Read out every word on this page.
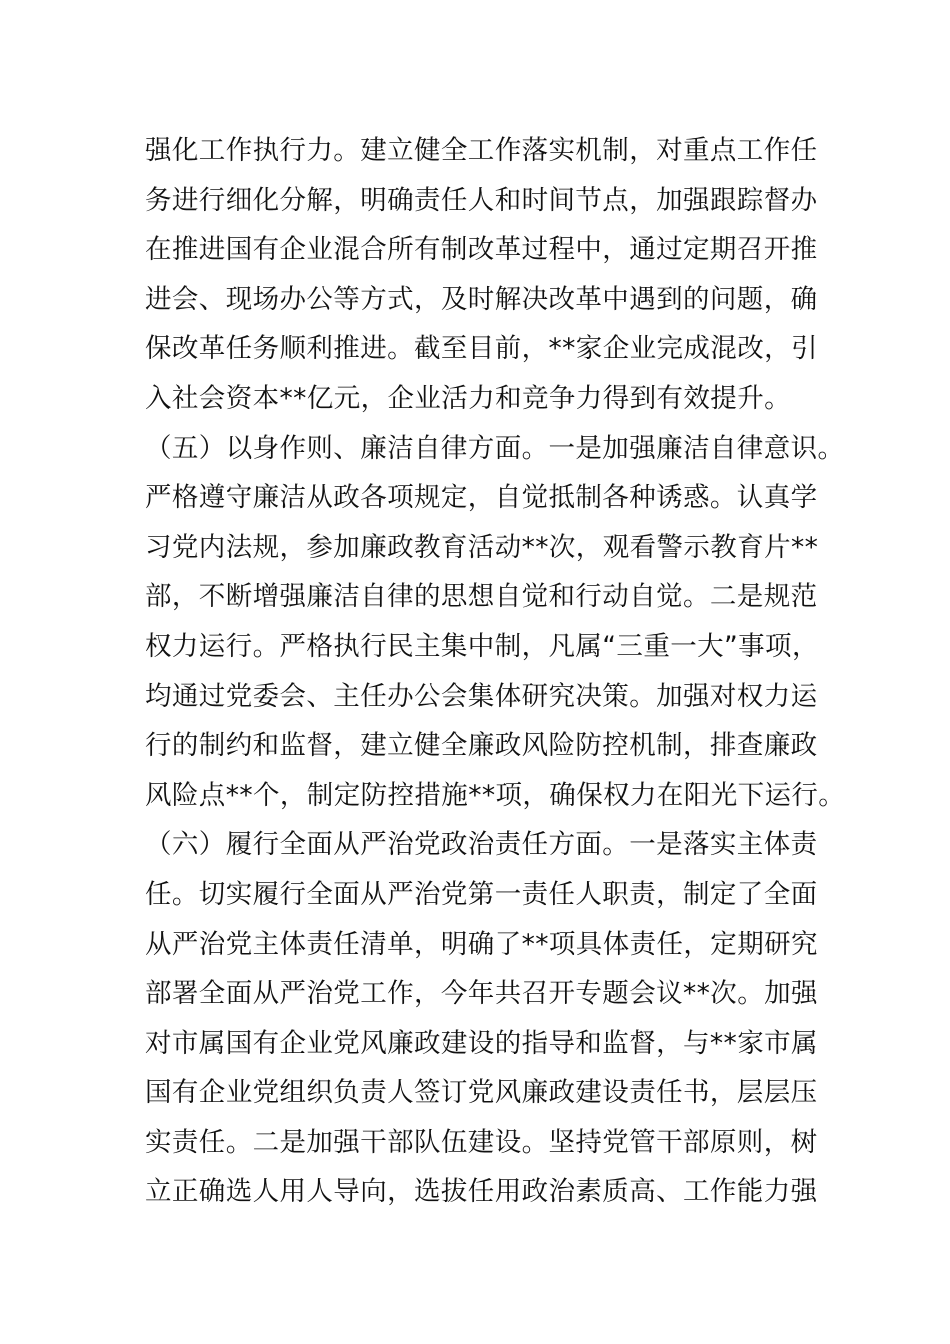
强化工作执行力。建立健全工作落实机制，对重点工作任
务进行细化分解，明确责任人和时间节点，加强跟踪督办
在推进国有企业混合所有制改革过程中，通过定期召开推
进会、现场办公等方式，及时解决改革中遇到的问题，确
保改革任务顺利推进。截至目前，**家企业完成混改，引
入社会资本**亿元，企业活力和竞争力得到有效提升。
（五）以身作则、廉洁自律方面。一是加强廉洁自律意识。
严格遵守廉洁从政各项规定，自觉抵制各种诱惑。认真学
习党内法规，参加廉政教育活动**次，观看警示教育片**
部，不断增强廉洁自律的思想自觉和行动自觉。二是规范
权力运行。严格执行民主集中制，凡属“三重一大”事项，
均通过党委会、主任办公会集体研究决策。加强对权力运
行的制约和监督，建立健全廉政风险防控机制，排查廉政
风险点**个，制定防控措施**项，确保权力在阳光下运行。
（六）履行全面从严治党政治责任方面。一是落实主体责
任。切实履行全面从严治党第一责任人职责，制定了全面
从严治党主体责任清单，明确了**项具体责任，定期研究
部署全面从严治党工作，今年共召开专题会议**次。加强
对市属国有企业党风廉政建设的指导和监督，与**家市属
国有企业党组织负责人签订党风廉政建设责任书，层层压
实责任。二是加强干部队伍建设。坚持党管干部原则，树
立正确选人用人导向，选拔任用政治素质高、工作能力强
